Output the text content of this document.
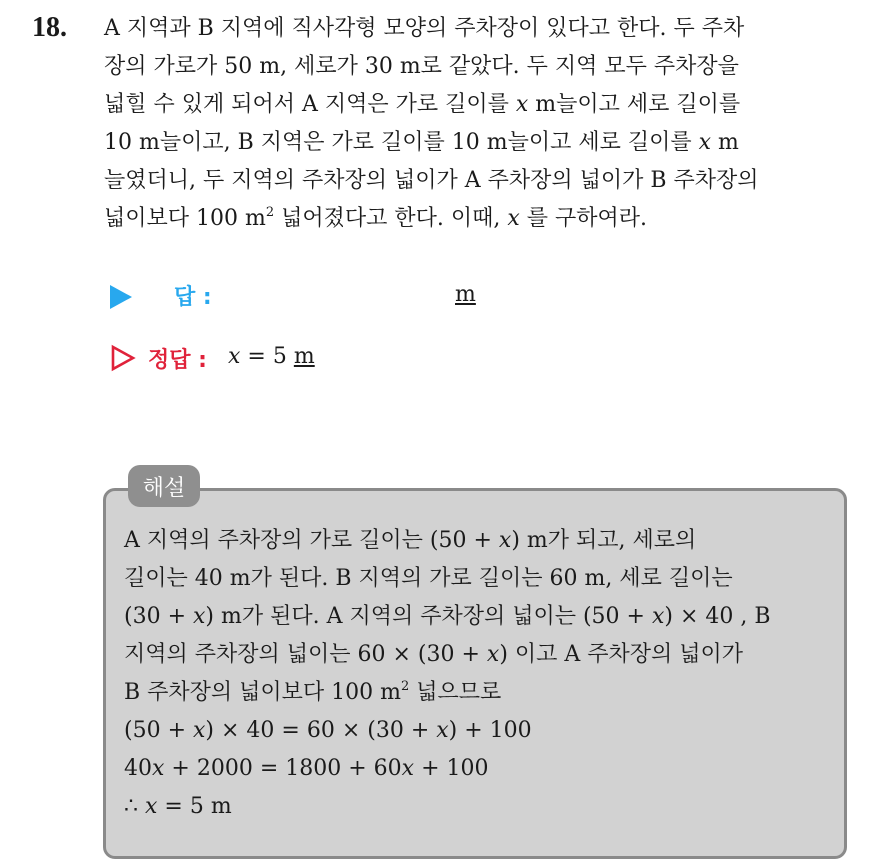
18. A 지역과 B 지역에 직사각형 모양의 주차장이 있다고 한다. 두 주차
장의 가로가 50 m, 세로가 30 m로 같았다. 두 지역 모두 주차장을
넓힐 수 있게 되어서 A 지역은 가로 길이를 x m늘이고 세로 길이를
10 m늘이고, B 지역은 가로 길이를 10 m늘이고 세로 길이를 x m
늘였더니, 두 지역의 주차장의 넓이가 A 주차장의 넓이가 B 주차장의
넓이보다 100 $m^2$ 넓어졌다고 한다. 이때, x 를 구하여라.
답 :	m
정답 : x = 5 m
해설
A 지역의 주차장의 가로 길이는 (50 + x) m가 되고, 세로의
길이는 40 m가 된다. B 지역의 가로 길이는 60 m, 세로 길이는
(30 + x) m가 된다. A 지역의 주차장의 넓이는 (50 + x) × 40 , B
지역의 주차장의 넓이는 60 × (30 + x) 이고 A 주차장의 넓이가
B 주차장의 넓이보다 100 $m^2$ 넓으므로
(50 + x) × 40 = 60 × (30 + x) + 100
40x + 2000 = 1800 + 60x + 100
∴ x = 5 m
